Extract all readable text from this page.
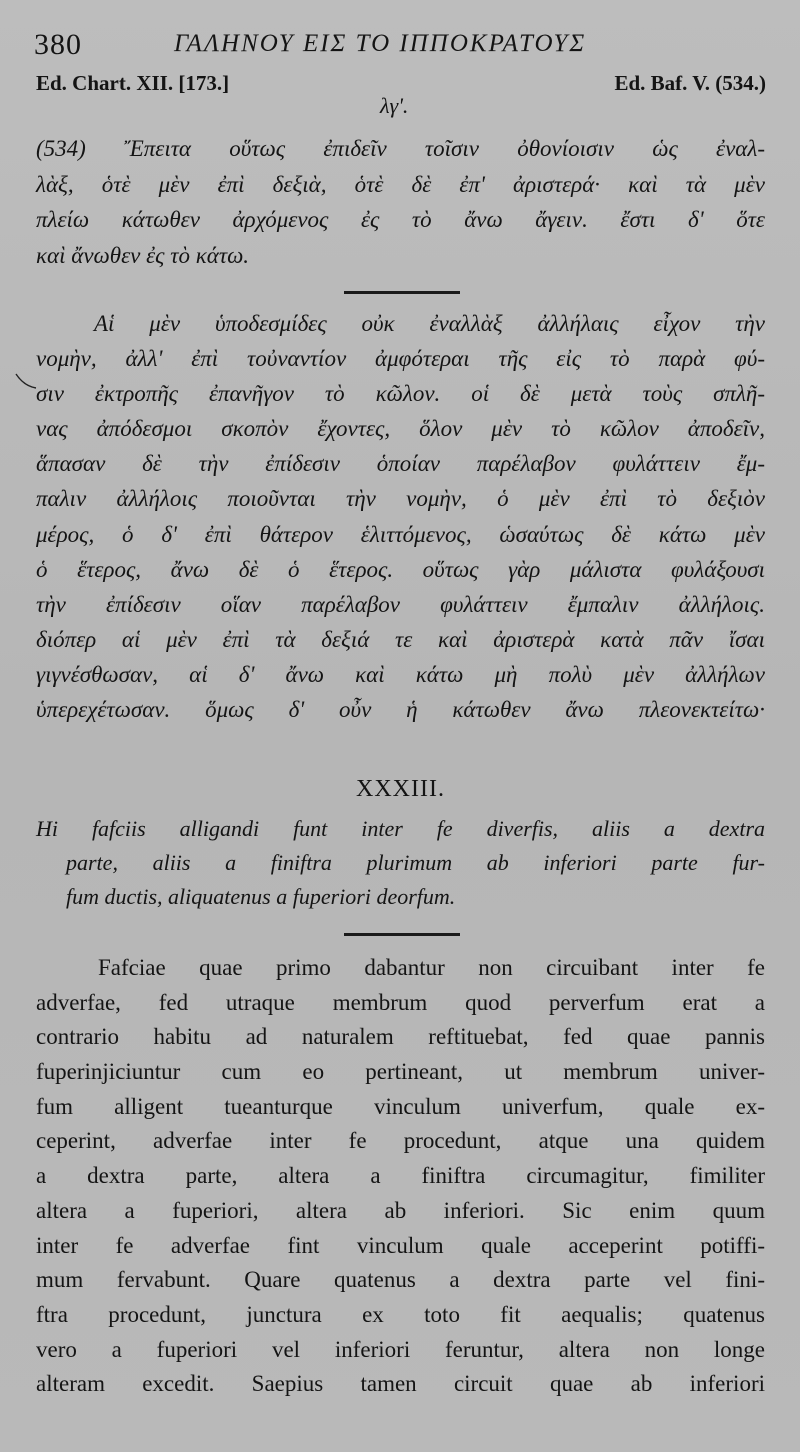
380	ΓΑΛΗΝΟΥ ΕΙΣ ΤΟ ΙΠΠΟΚΡΑΤΟΥΣ
Ed. Chart. XII. [173.]	Ed. Baf. V. (534.)
λγ'.
(534) Ἔπειτα οὕτως ἐπιδεῖν τοῖσιν ὀθονίοισιν ὡς ἐναλ-
λὰξ, ὁτὲ μὲν ἐπὶ δεξιὰ, ὁτὲ δὲ ἐπ' ἀριστερά· καὶ τὰ μὲν
πλείω κάτωθεν ἀρχόμενος ἐς τὸ ἄνω ἄγειν. ἔστι δ' ὅτε
καὶ ἄνωθεν ἐς τὸ κάτω.
Αἱ μὲν ὑποδεσμίδες οὐκ ἐναλλὰξ ἀλλήλαις εἶχον τὴν
νομὴν, ἀλλ' ἐπὶ τοὐναντίον ἀμφότεραι τῆς εἰς τὸ παρὰ φύ-
σιν ἐκτροπῆς ἐπανῆγον τὸ κῶλον. οἱ δὲ μετὰ τοὺς σπλῆ-
νας ἀπόδεσμοι σκοπὸν ἔχοντες, ὅλον μὲν τὸ κῶλον ἀποδεῖν,
ἅπασαν δὲ τὴν ἐπίδεσιν ὁποίαν παρέλαβον φυλάττειν ἔμ-
παλιν ἀλλήλοις ποιοῦνται τὴν νομὴν, ὁ μὲν ἐπὶ τὸ δεξιὸν
μέρος, ὁ δ' ἐπὶ θάτερον ἑλιττόμενος, ὡσαύτως δὲ κάτω μὲν
ὁ ἕτερος, ἄνω δὲ ὁ ἕτερος. οὕτως γὰρ μάλιστα φυλάξουσι
τὴν ἐπίδεσιν οἵαν παρέλαβον φυλάττειν ἔμπαλιν ἀλλήλοις.
διόπερ αἱ μὲν ἐπὶ τὰ δεξιά τε καὶ ἀριστερὰ κατὰ πᾶν ἴσαι
γιγνέσθωσαν, αἱ δ' ἄνω καὶ κάτω μὴ πολὺ μὲν ἀλλήλων
ὑπερεχέτωσαν. ὅμως δ' οὖν ἡ κάτωθεν ἄνω πλεονεκτείτω·
XXXIII.
Hi fafciis alligandi funt inter fe diverfis, aliis a dextra
parte, aliis a finiftra plurimum ab inferiori parte fur-
fum ductis, aliquatenus a fuperiori deorfum.
Fafciae quae primo dabantur non circuibant inter fe
adverfae, fed utraque membrum quod perverfum erat a
contrario habitu ad naturalem reftituebat, fed quae pannis
fuperinjiciuntur cum eo pertineant, ut membrum univer-
fum alligent tueanturque vinculum univerfum, quale ex-
ceperint, adverfae inter fe procedunt, atque una quidem
a dextra parte, altera a finiftra circumagitur, fimiliter
altera a fuperiori, altera ab inferiori. Sic enim quum
inter fe adverfae fint vinculum quale acceperint potiffi-
mum fervabunt. Quare quatenus a dextra parte vel fini-
ftra procedunt, junctura ex toto fit aequalis; quatenus
vero a fuperiori vel inferiori feruntur, altera non longe
alteram excedit. Saepius tamen circuit quae ab inferiori
